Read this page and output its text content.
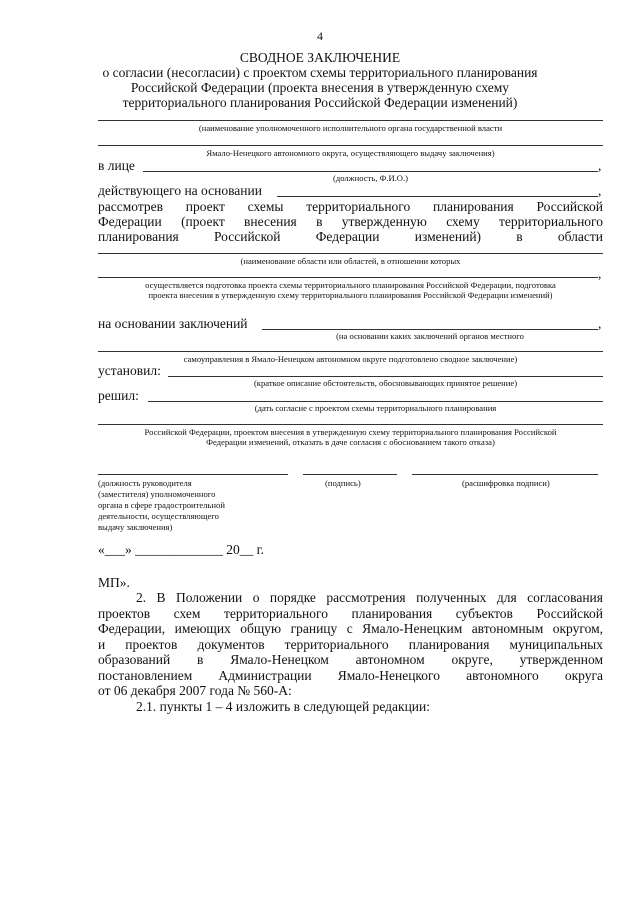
4
СВОДНОЕ ЗАКЛЮЧЕНИЕ
о согласии (несогласии) с проектом схемы территориального планирования
Российской Федерации (проекта внесения в утвержденную схему
территориального планирования Российской Федерации изменений)
(наименование уполномоченного исполнительного органа государственной власти
Ямало-Ненецкого автономного округа, осуществляющего выдачу заключения)
в лице	,
(должность, Ф.И.О.)
действующего на основании	,
рассмотрев проект схемы территориального планирования Российской
Федерации (проект внесения в утвержденную схему территориального
планирования	Российской	Федерации	изменений)	в	области
(наименование области или областей, в отношении которых
,
осуществляется подготовка проекта схемы территориального планирования Российской Федерации, подготовка
проекта внесения в утвержденную схему территориального планирования Российской Федерации изменений)
на основании заключений	,
(на основании каких заключений органов местного
самоуправления в Ямало-Ненецком автономном округе подготовлено сводное заключение)
установил:
(краткое описание обстоятельств, обосновывающих принятое решение)
решил:
(дать согласие с проектом схемы территориального планирования
Российской Федерации, проектом внесения в утвержденную схему территориального планирования Российской
Федерации изменений, отказать в даче согласия с обоснованием такого отказа)
(должность руководителя
(заместителя) уполномоченного
органа в сфере градостроительной
деятельности, осуществляющего
выдачу заключения)
(подпись)	(расшифровка подписи)
«___» _____________ 20__ г.
МП».
2. В Положении о порядке рассмотрения полученных для согласования
проектов схем территориального планирования субъектов Российской
Федерации, имеющих общую границу с Ямало-Ненецким автономным округом,
и проектов документов территориального планирования муниципальных
образований в Ямало-Ненецком автономном округе, утвержденном
постановлением Администрации Ямало-Ненецкого автономного округа
от 06 декабря 2007 года № 560-А:
2.1. пункты 1 – 4 изложить в следующей редакции:
